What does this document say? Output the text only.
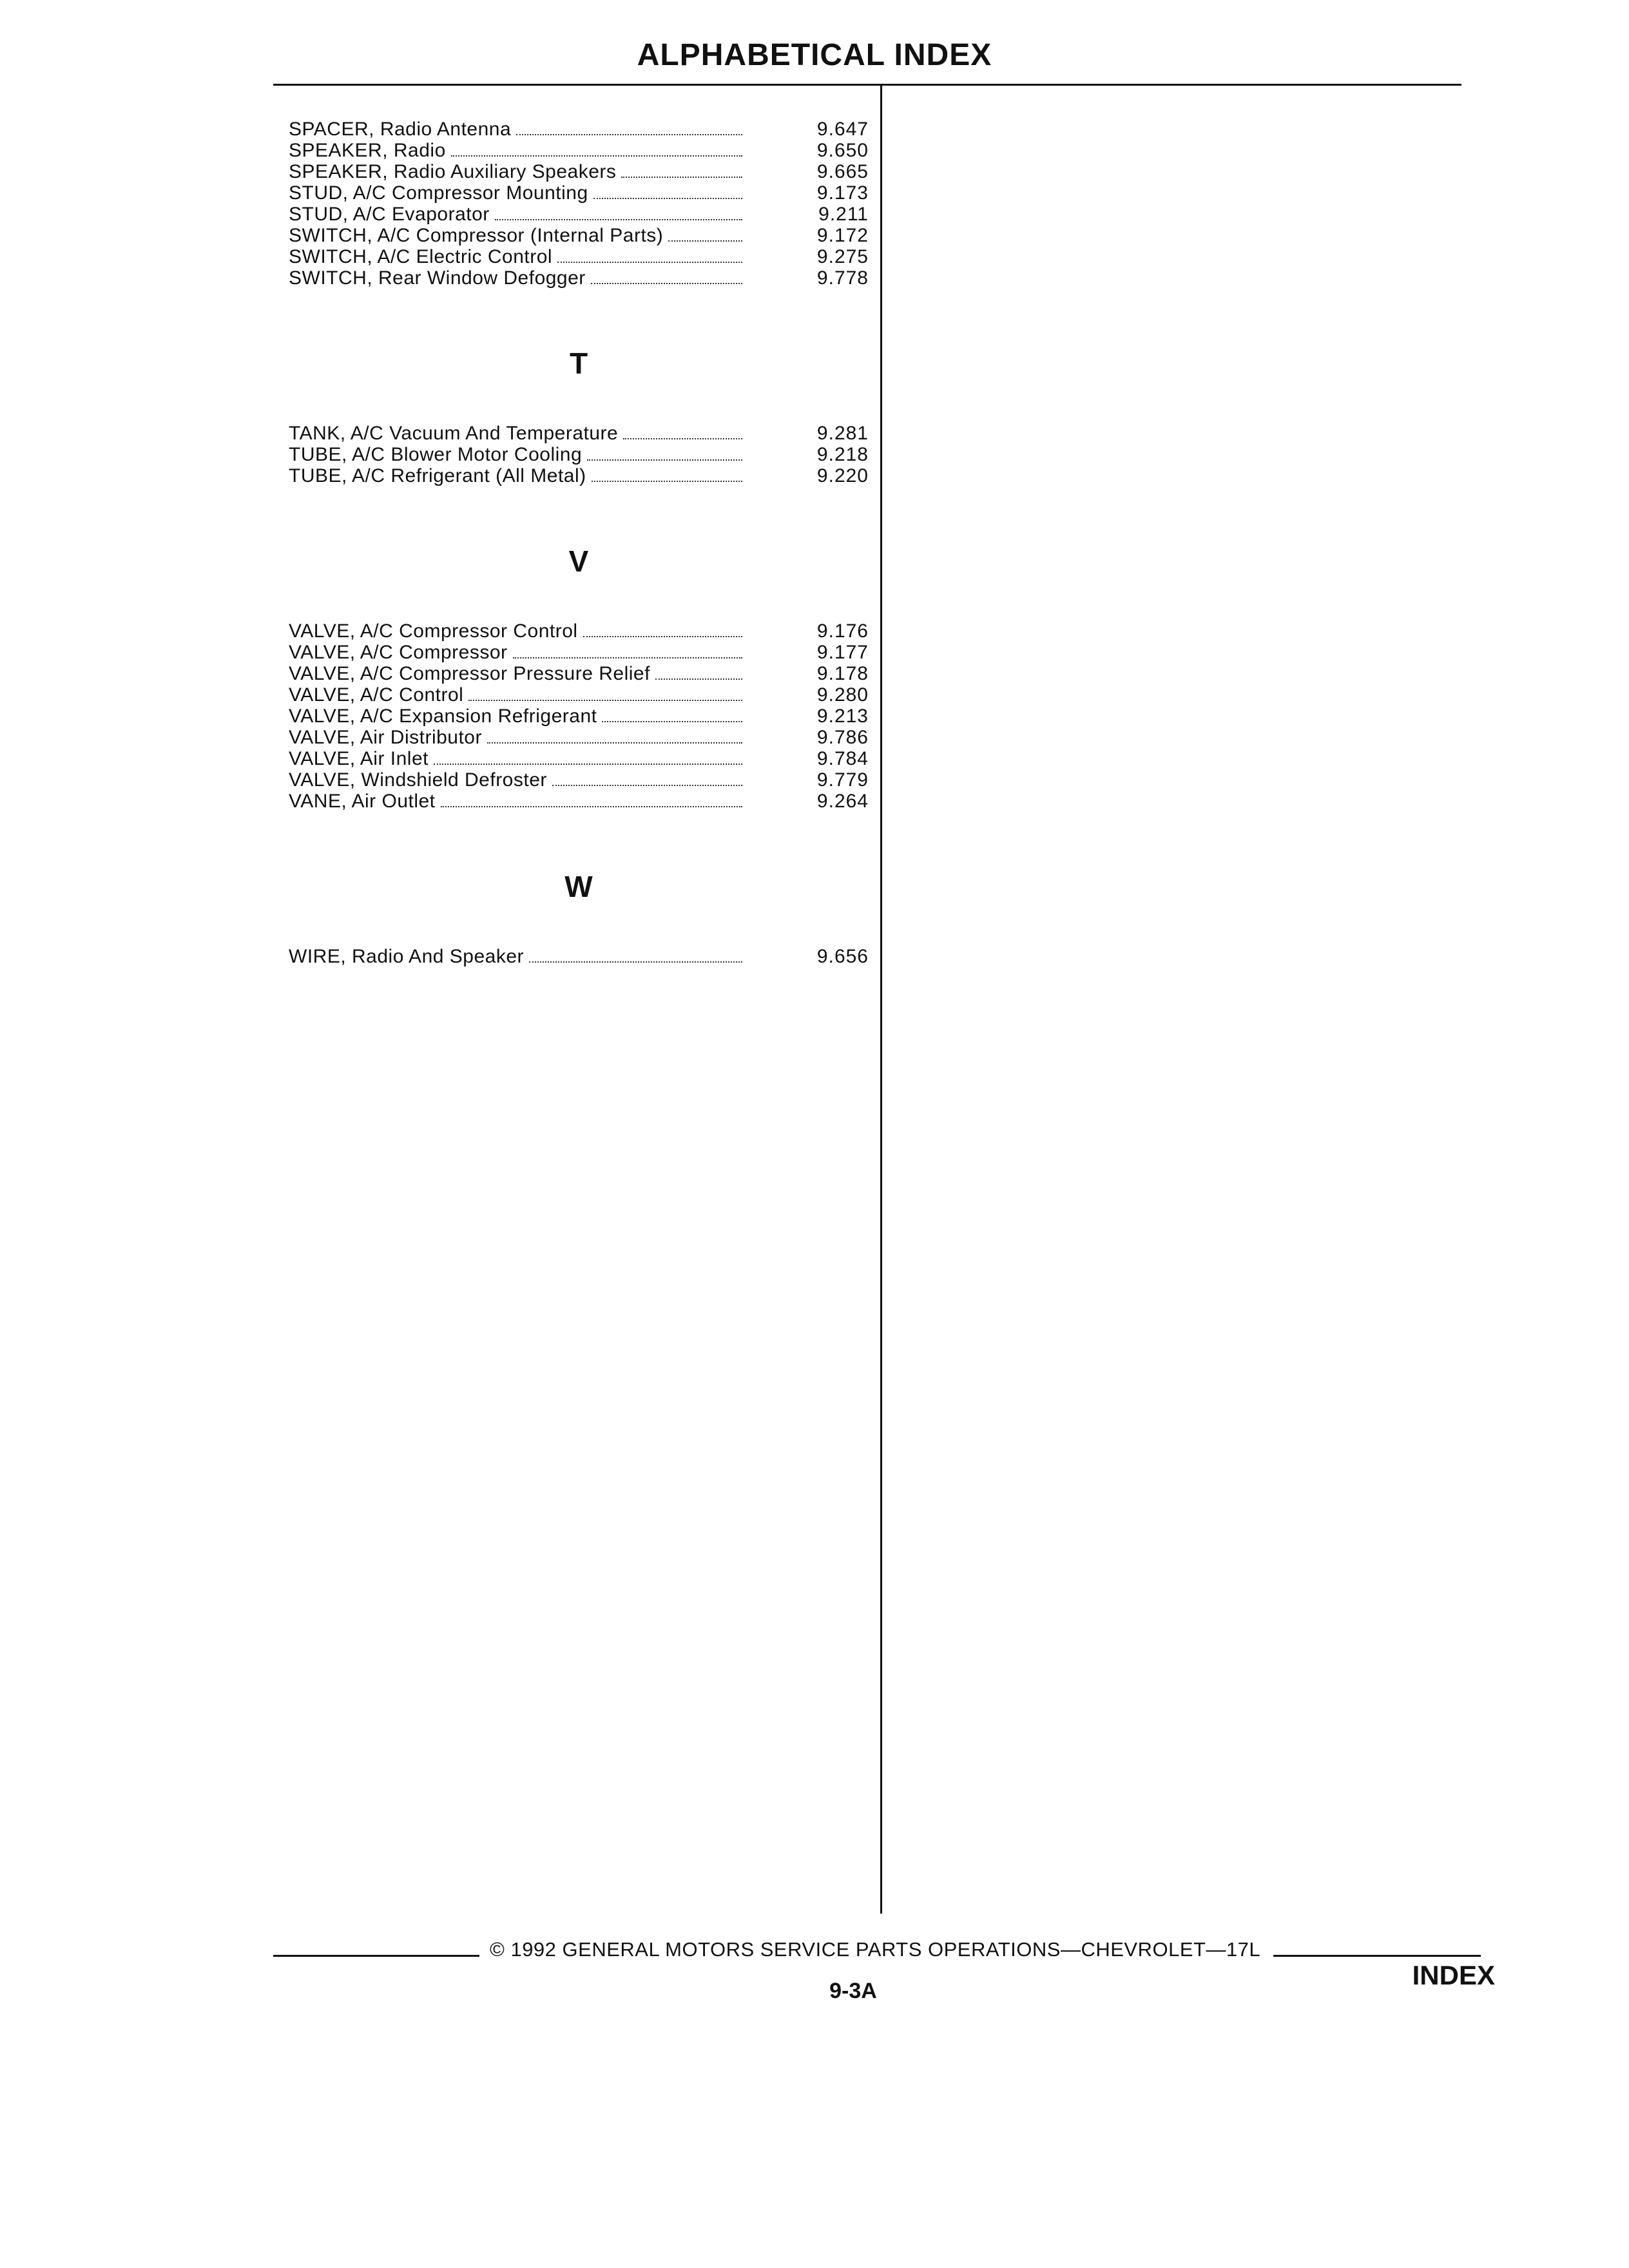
ALPHABETICAL INDEX
SPACER, Radio Antenna	9.647
SPEAKER, Radio	9.650
SPEAKER, Radio Auxiliary Speakers	9.665
STUD, A/C Compressor Mounting	9.173
STUD, A/C Evaporator	9.211
SWITCH, A/C Compressor (Internal Parts)	9.172
SWITCH, A/C Electric Control	9.275
SWITCH, Rear Window Defogger	9.778
T
TANK, A/C Vacuum And Temperature	9.281
TUBE, A/C Blower Motor Cooling	9.218
TUBE, A/C Refrigerant (All Metal)	9.220
V
VALVE, A/C Compressor Control	9.176
VALVE, A/C Compressor	9.177
VALVE, A/C Compressor Pressure Relief	9.178
VALVE, A/C Control	9.280
VALVE, A/C Expansion Refrigerant	9.213
VALVE, Air Distributor	9.786
VALVE, Air Inlet	9.784
VALVE, Windshield Defroster	9.779
VANE, Air Outlet	9.264
W
WIRE, Radio And Speaker	9.656
© 1992 GENERAL MOTORS SERVICE PARTS OPERATIONS—CHEVROLET—17L
9-3A
INDEX
